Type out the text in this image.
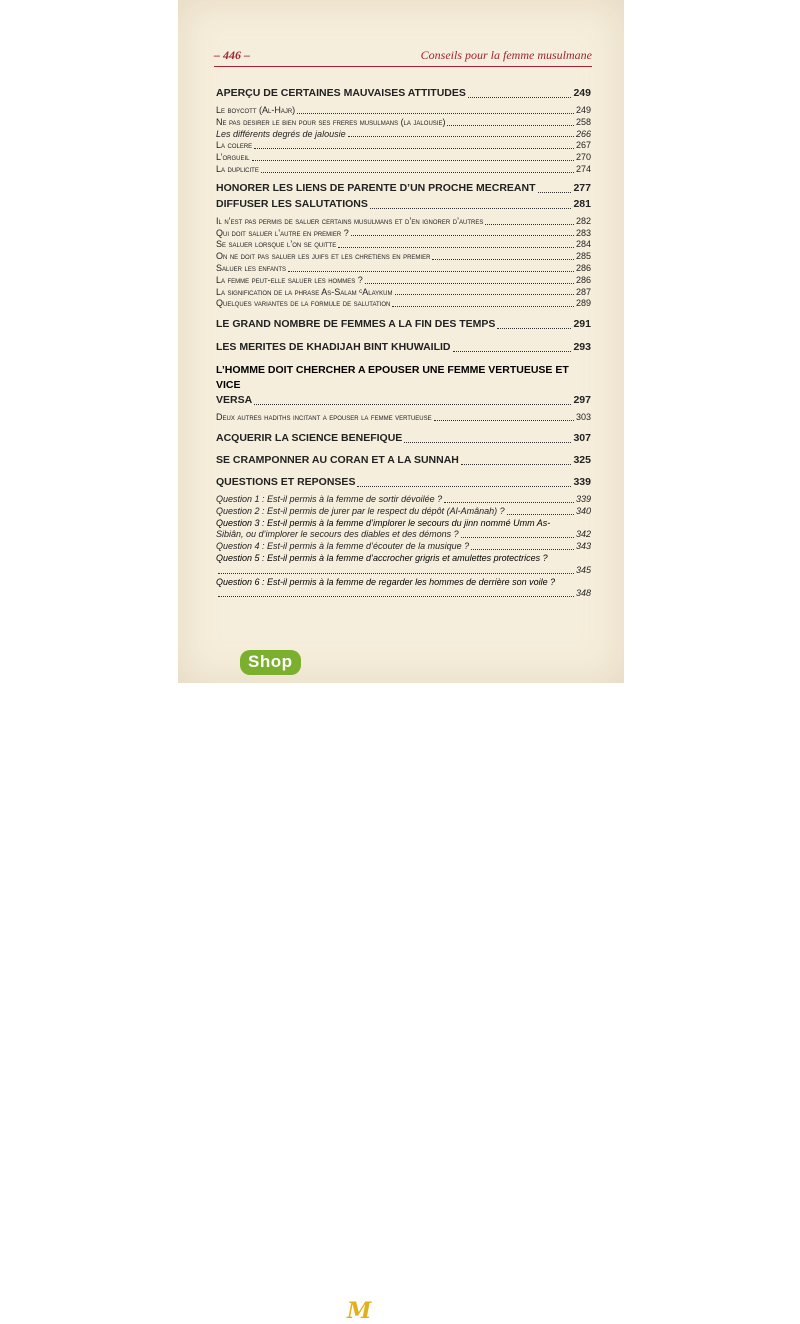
– 446 –	Conseils pour la femme musulmane
APERÇU DE CERTAINES MAUVAISES ATTITUDES	249
Le boycott (Al-Hajr)	249
Ne pas desirer le bien pour ses freres musulmans (la jalousie)	258
Les différents degrés de jalousie	266
La colere	267
L’orgueil	270
La duplicite	274
HONORER LES LIENS DE PARENTE D’UN PROCHE MECREANT	277
DIFFUSER LES SALUTATIONS	281
Il n’est pas permis de saluer certains musulmans et d’en ignorer d’autres	282
Qui doit saluer l’autre en premier ?	283
Se saluer lorsque l’on se quitte	284
On ne doit pas saluer les juifs et les chretiens en premier	285
Saluer les enfants	286
La femme peut-elle saluer les hommes ?	286
La signification de la phrase As-Salam ᶜAlaykum	287
Quelques variantes de la formule de salutation	289
LE GRAND NOMBRE DE FEMMES A LA FIN DES TEMPS	291
LES MERITES DE KHADIJAH BINT KHUWAILID	293
L’HOMME DOIT CHERCHER A EPOUSER UNE FEMME VERTUEUSE ET VICE
VERSA	297
Deux autres hadiths incitant a epouser la femme vertueuse	303
ACQUERIR LA SCIENCE BENEFIQUE	307
SE CRAMPONNER AU CORAN ET A LA SUNNAH	325
QUESTIONS ET REPONSES	339
Question 1 : Est-il permis à la femme de sortir dévoilée ?	339
Question 2 : Est-il permis de jurer par le respect du dépôt (Al-Amânah) ?	340
Question 3 : Est-il permis à la femme d’implorer le secours du jinn nommé Umm As-
Sibiân, ou d’implorer le secours des diables et des démons ?	342
Question 4 : Est-il permis à la femme d’écouter de la musique ?	343
Question 5 : Est-il permis à la femme d’accrocher grigris et amulettes protectrices ?
345
Question 6 : Est-il permis à la femme de regarder les hommes de derrière son voile ?
348
M
Shop
